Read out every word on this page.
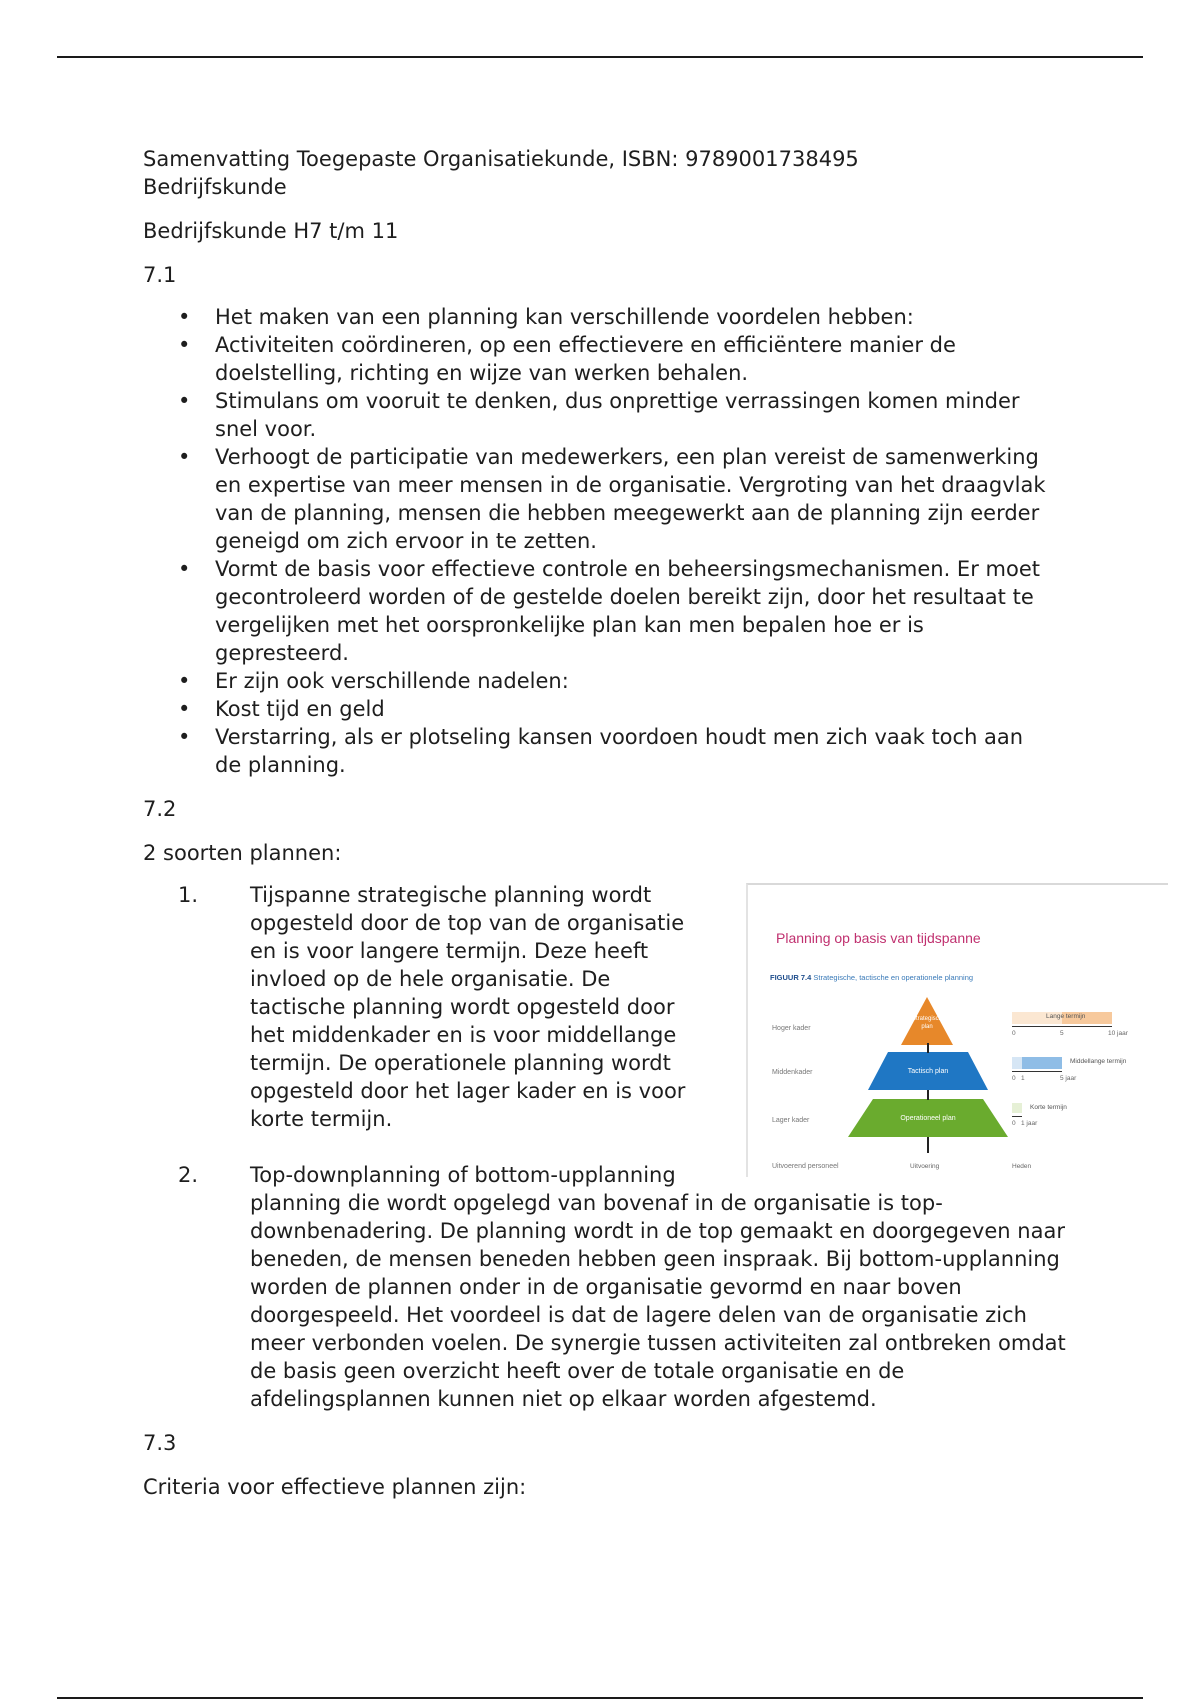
Samenvatting Toegepaste Organisatiekunde, ISBN: 9789001738495

Bedrijfskunde

Bedrijfskunde H7 t/m 11

7.1

• Het maken van een planning kan verschillende voordelen hebben:
• Activiteiten coördineren, op een effectievere en efficiëntere manier de doelstelling, richting en wijze van werken behalen.
• Stimulans om vooruit te denken, dus onprettige verrassingen komen minder snel voor.
• Verhoogt de participatie van medewerkers, een plan vereist de samenwerking en expertise van meer mensen in de organisatie. Vergroting van het draagvlak van de planning, mensen die hebben meegewerkt aan de planning zijn eerder geneigd om zich ervoor in te zetten.
• Vormt de basis voor effectieve controle en beheersingsmechanismen. Er moet gecontroleerd worden of de gestelde doelen bereikt zijn, door het resultaat te vergelijken met het oorspronkelijke plan kan men bepalen hoe er is gepresteerd.
• Er zijn ook verschillende nadelen:
• Kost tijd en geld
• Verstarring, als er plotseling kansen voordoen houdt men zich vaak toch aan de planning.

7.2

2 soorten plannen:

1. Tijspanne strategische planning wordt opgesteld door de top van de organisatie en is voor langere termijn. Deze heeft invloed op de hele organisatie. De tactische planning wordt opgesteld door het middenkader en is voor middellange termijn. De operationele planning wordt opgesteld door het lager kader en is voor korte termijn.
2. Top-downplanning of bottom-upplanning
planning die wordt opgelegd van bovenaf in de organisatie is top-downbenadering. De planning wordt in de top gemaakt en doorgegeven naar beneden, de mensen beneden hebben geen inspraak. Bij bottom-upplanning worden de plannen onder in de organisatie gevormd en naar boven doorgespeeld. Het voordeel is dat de lagere delen van de organisatie zich meer verbonden voelen. De synergie tussen activiteiten zal ontbreken omdat de basis geen overzicht heeft over de totale organisatie en de afdelingsplannen kunnen niet op elkaar worden afgestemd.

7.3

Criteria voor effectieve plannen zijn:

Planning op basis van tijdspanne
FIGUUR 7.4 Strategische, tactische en operationele planning
Hoger kader
Middenkader
Lager kader
Uitvoerend personeel
Strategisch plan
Tactisch plan
Operationeel plan
Uitvoering
Lange termijn
0	5	10 jaar
Middellange termijn
0 1	5 jaar
Korte termijn
0 1 jaar
Heden
